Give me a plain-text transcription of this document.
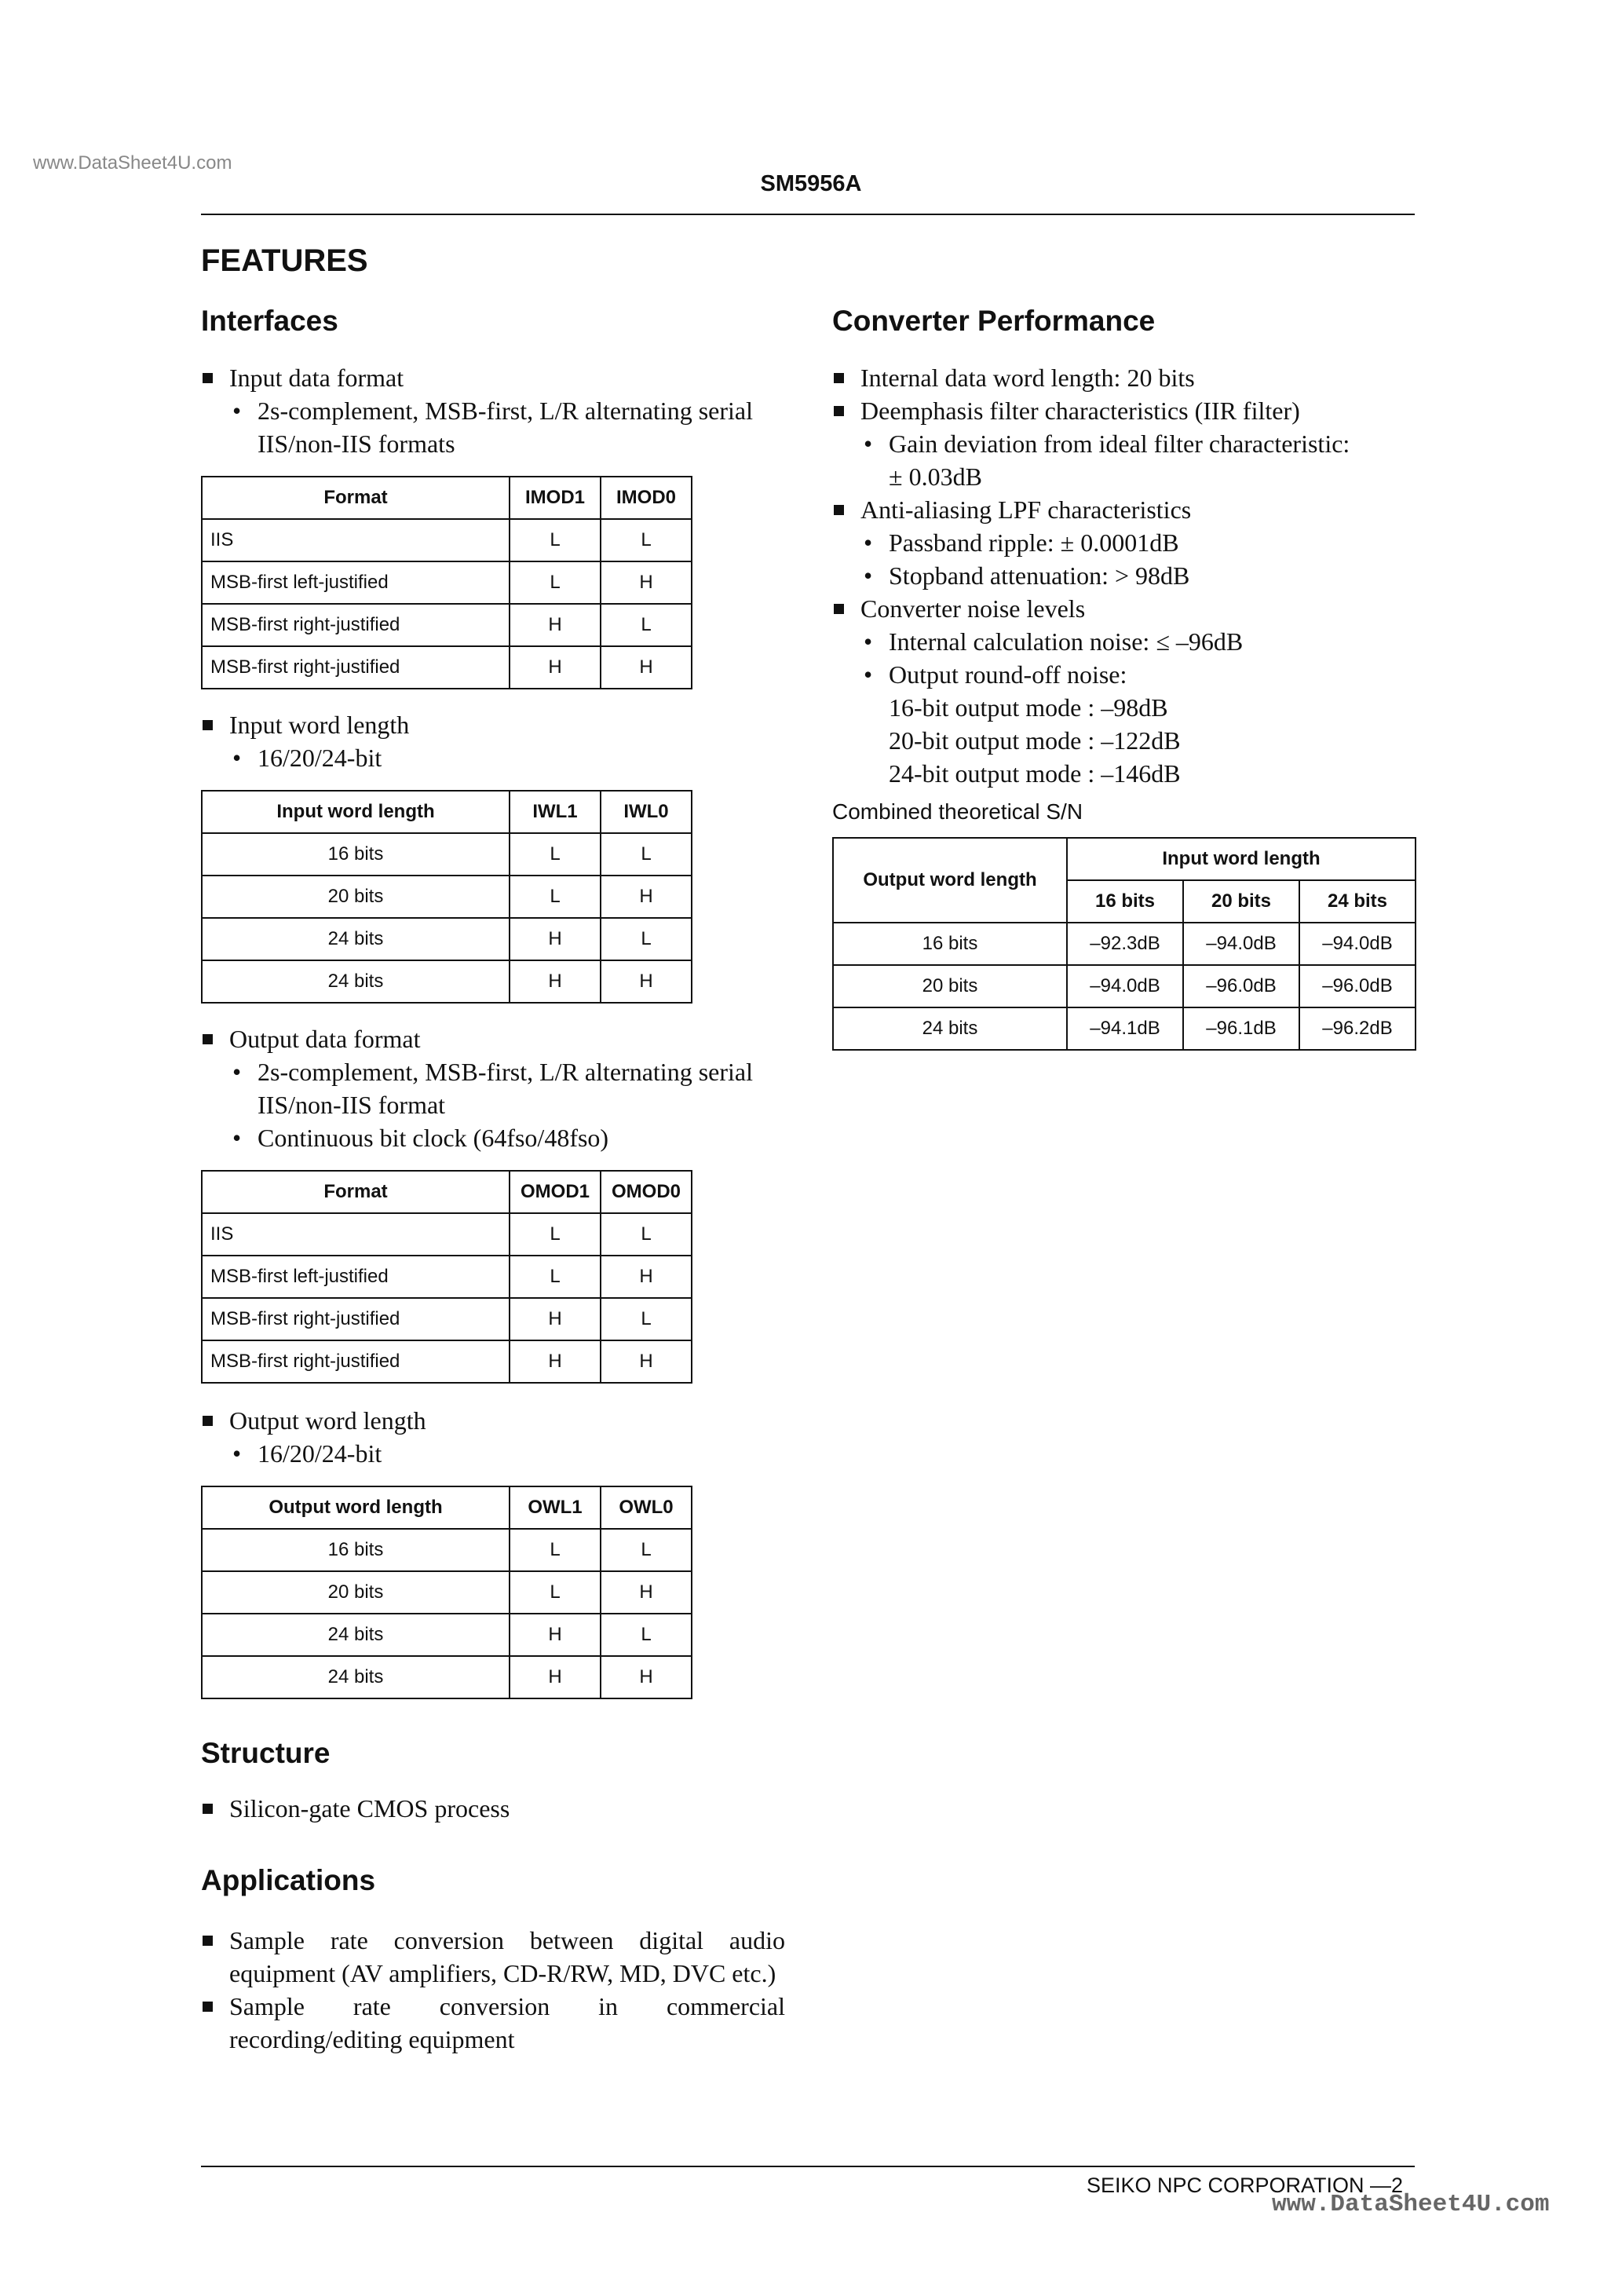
www.DataSheet4U.com
SM5956A
FEATURES
Interfaces
Input data format
• 2s-complement, MSB-first, L/R alternating serial
IIS/non-IIS formats
Format	IMOD1	IMOD0
IIS	L	L
MSB-first left-justified	L	H
MSB-first right-justified	H	L
MSB-first right-justified	H	H
Input word length
• 16/20/24-bit
Input word length	IWL1	IWL0
16 bits	L	L
20 bits	L	H
24 bits	H	L
24 bits	H	H
Output data format
• 2s-complement, MSB-first, L/R alternating serial
IIS/non-IIS format
• Continuous bit clock (64fso/48fso)
Format	OMOD1	OMOD0
IIS	L	L
MSB-first left-justified	L	H
MSB-first right-justified	H	L
MSB-first right-justified	H	H
Output word length
• 16/20/24-bit
Output word length	OWL1	OWL0
16 bits	L	L
20 bits	L	H
24 bits	H	L
24 bits	H	H
Structure
Silicon-gate CMOS process
Applications
Sample rate conversion between digital audio equipment (AV amplifiers, CD-R/RW, MD, DVC etc.)
Sample rate conversion in commercial recording/editing equipment
Converter Performance
Internal data word length: 20 bits
Deemphasis filter characteristics (IIR filter)
• Gain deviation from ideal filter characteristic:
± 0.03dB
Anti-aliasing LPF characteristics
• Passband ripple: ± 0.0001dB
• Stopband attenuation: > 98dB
Converter noise levels
• Internal calculation noise: ≤ –96dB
• Output round-off noise:
16-bit output mode : –98dB
20-bit output mode : –122dB
24-bit output mode : –146dB
Combined theoretical S/N
Output word length	Input word length		
	16 bits	20 bits	24 bits
16 bits	–92.3dB	–94.0dB	–94.0dB
20 bits	–94.0dB	–96.0dB	–96.0dB
24 bits	–94.1dB	–96.1dB	–96.2dB
SEIKO NPC CORPORATION —2
www.DataSheet4U.com
